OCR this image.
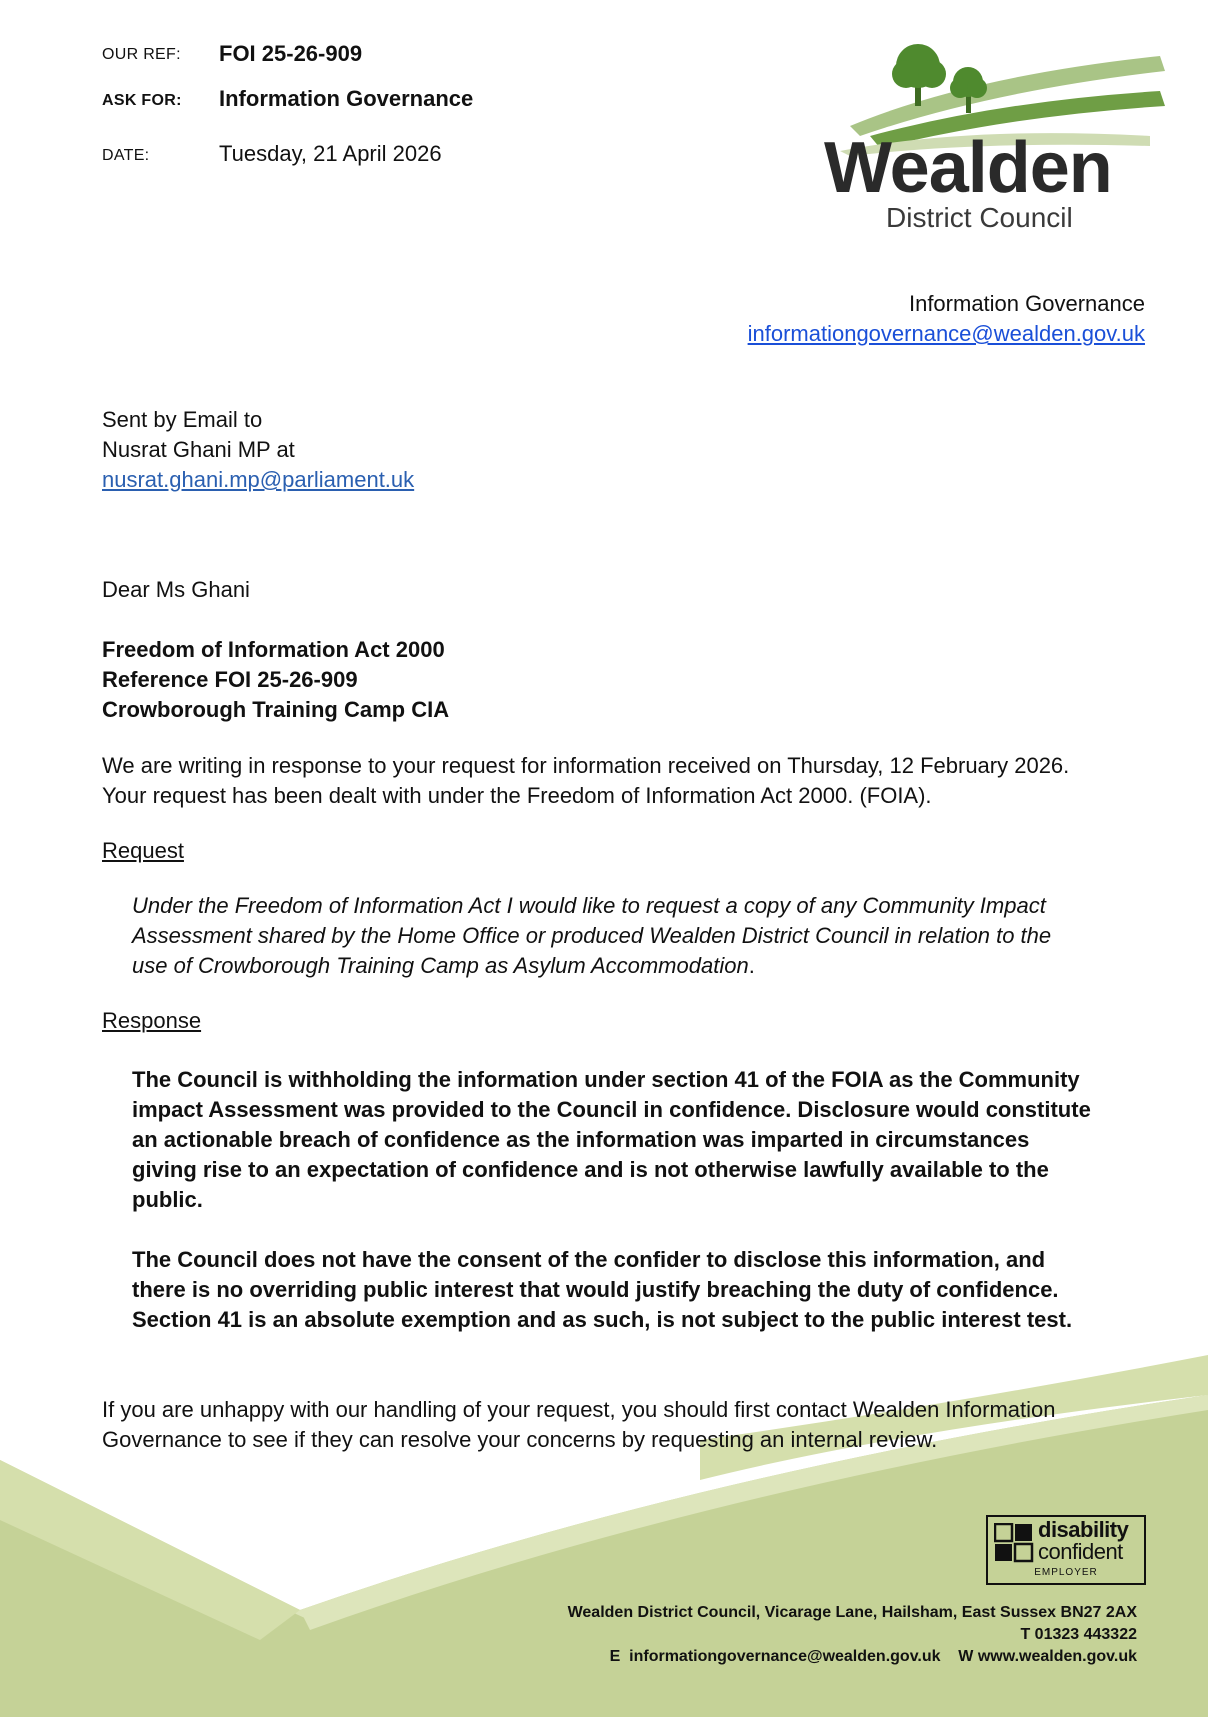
OUR REF: FOI 25-26-909
ASK FOR: Information Governance
DATE:	Tuesday, 21 April 2026	Wealden
District Council
Information Governance
informationgovernance@wealden.gov.uk
Sent by Email to
Nusrat Ghani MP at
nusrat.ghani.mp@parliament.uk
Dear Ms Ghani
Freedom of Information Act 2000
Reference FOI 25-26-909
Crowborough Training Camp CIA
We are writing in response to your request for information received on Thursday, 12 February 2026. Your request has been dealt with under the Freedom of Information Act 2000. (FOIA).
Request
Under the Freedom of Information Act I would like to request a copy of any Community Impact Assessment shared by the Home Office or produced Wealden District Council in relation to the use of Crowborough Training Camp as Asylum Accommodation.
Response
The Council is withholding the information under section 41 of the FOIA as the Community impact Assessment was provided to the Council in confidence. Disclosure would constitute an actionable breach of confidence as the information was imparted in circumstances giving rise to an expectation of confidence and is not otherwise lawfully available to the public.
The Council does not have the consent of the confider to disclose this information, and there is no overriding public interest that would justify breaching the duty of confidence. Section 41 is an absolute exemption and as such, is not subject to the public interest test.
If you are unhappy with our handling of your request, you should first contact Wealden Information Governance to see if they can resolve your concerns by requesting an internal review.
disability
confident
EMPLOYER
Wealden District Council, Vicarage Lane, Hailsham, East Sussex BN27 2AX
T 01323 443322
E informationgovernance@wealden.gov.uk W www.wealden.gov.uk
